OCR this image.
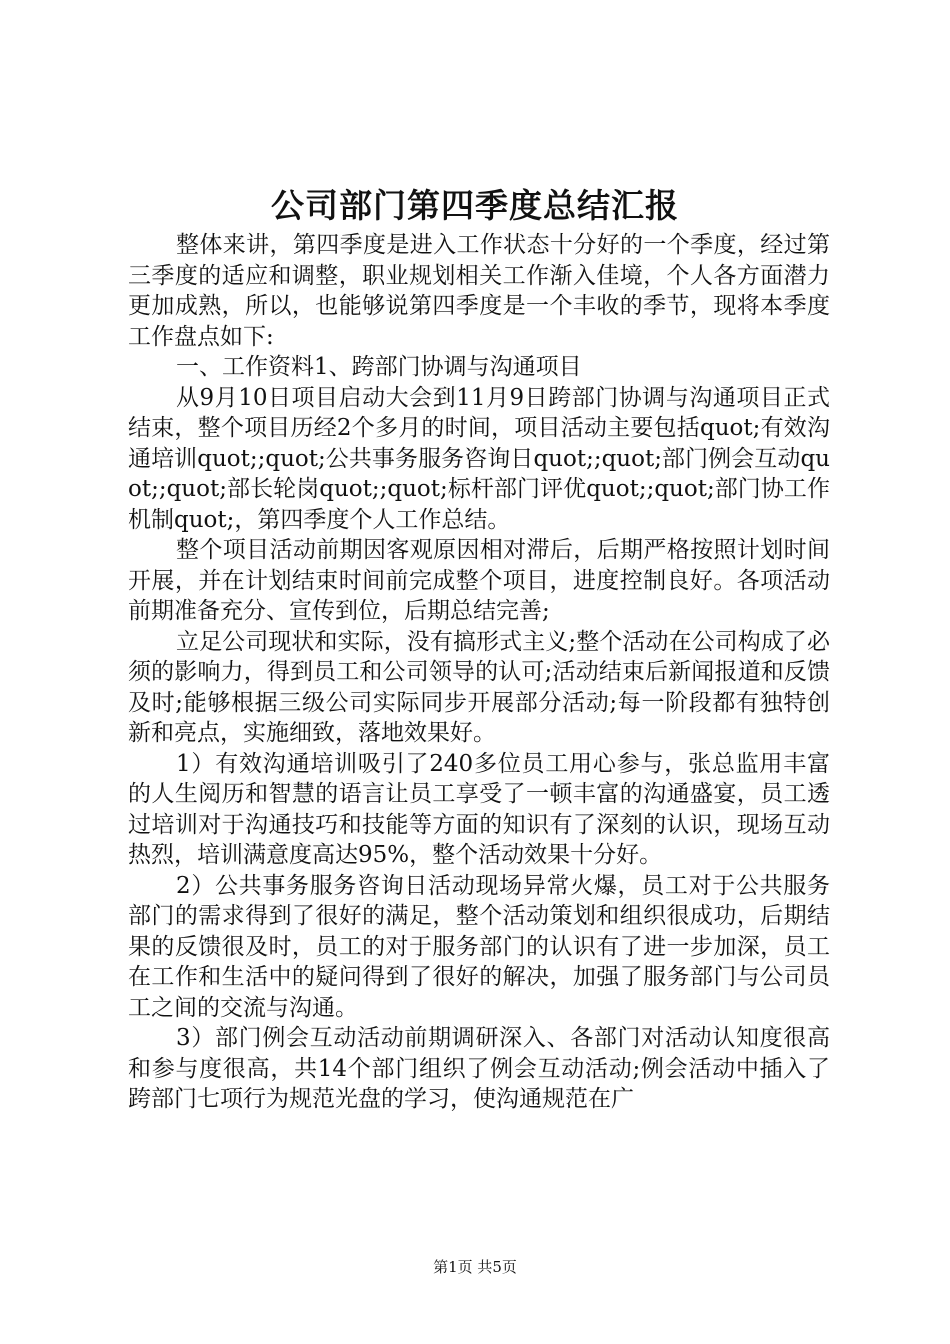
公司部门第四季度总结汇报

整体来讲，第四季度是进入工作状态十分好的一个季度，经过第三季度的适应和调整，职业规划相关工作渐入佳境，个人各方面潜力更加成熟，所以，也能够说第四季度是一个丰收的季节，现将本季度工作盘点如下:

一、工作资料1、跨部门协调与沟通项目

从9月10日项目启动大会到11月9日跨部门协调与沟通项目正式结束，整个项目历经2个多月的时间，项目活动主要包括quot;有效沟通培训quot;;quot;公共事务服务咨询日quot;;quot;部门例会互动quot;;quot;部长轮岗quot;;quot;标杆部门评优quot;;quot;部门协工作机制quot;，第四季度个人工作总结。

整个项目活动前期因客观原因相对滞后，后期严格按照计划时间开展，并在计划结束时间前完成整个项目，进度控制良好。各项活动前期准备充分、宣传到位，后期总结完善;

立足公司现状和实际，没有搞形式主义;整个活动在公司构成了必须的影响力，得到员工和公司领导的认可;活动结束后新闻报道和反馈及时;能够根据三级公司实际同步开展部分活动;每一阶段都有独特创新和亮点，实施细致，落地效果好。

1）有效沟通培训吸引了240多位员工用心参与，张总监用丰富的人生阅历和智慧的语言让员工享受了一顿丰富的沟通盛宴，员工透过培训对于沟通技巧和技能等方面的知识有了深刻的认识，现场互动热烈，培训满意度高达95%，整个活动效果十分好。

2）公共事务服务咨询日活动现场异常火爆，员工对于公共服务部门的需求得到了很好的满足，整个活动策划和组织很成功，后期结果的反馈很及时，员工的对于服务部门的认识有了进一步加深，员工在工作和生活中的疑问得到了很好的解决，加强了服务部门与公司员工之间的交流与沟通。

3）部门例会互动活动前期调研深入、各部门对活动认知度很高和参与度很高，共14个部门组织了例会互动活动;例会活动中插入了跨部门七项行为规范光盘的学习，使沟通规范在广

第1页 共5页
